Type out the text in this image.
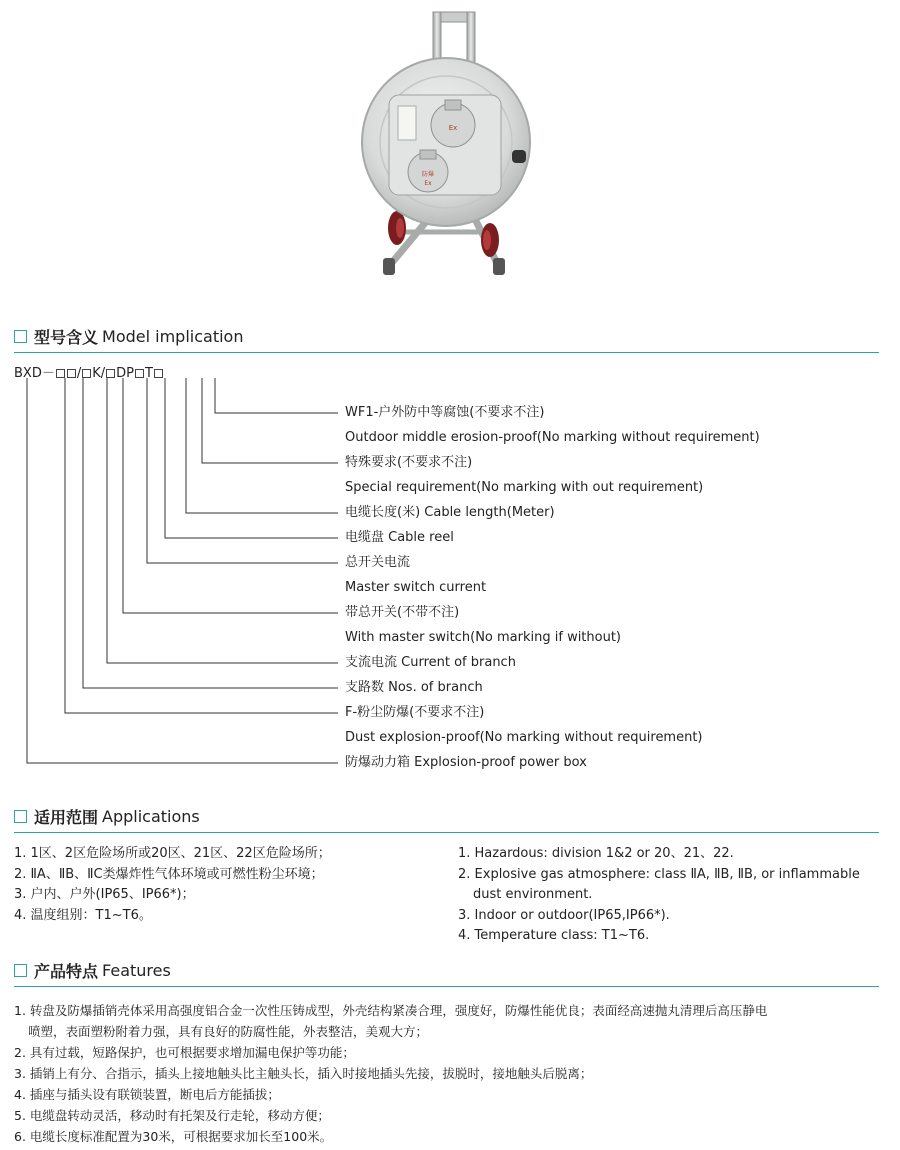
Ex
防爆
Ex
型号含义 Model implication
BXD－ / K/ DP T
WF1-户外防中等腐蚀(不要求不注)
Outdoor middle erosion-proof(No marking without requirement)
特殊要求(不要求不注)
Special requirement(No marking with out requirement)
电缆长度(米) Cable length(Meter)
电缆盘 Cable reel
总开关电流
Master switch current
带总开关(不带不注)
With master switch(No marking if without)
支流电流 Current of branch
支路数 Nos. of branch
F-粉尘防爆(不要求不注)
Dust explosion-proof(No marking without requirement)
防爆动力箱 Explosion-proof power box
适用范围 Applications
1. 1区、2区危险场所或20区、21区、22区危险场所；
2. ⅡA、ⅡB、ⅡC类爆炸性气体环境或可燃性粉尘环境；
3. 户内、户外(IP65、IP66*)；
4. 温度组别：T1~T6。
1. Hazardous: division 1&2 or 20、21、22.
2. Explosive gas atmosphere: class ⅡA, ⅡB, ⅡB, or inflammable
dust environment.
3. Indoor or outdoor(IP65,IP66*).
4. Temperature class: T1~T6.
产品特点 Features
1. 转盘及防爆插销壳体采用高强度铝合金一次性压铸成型，外壳结构紧凑合理，强度好，防爆性能优良；表面经高速抛丸清理后高压静电
喷塑，表面塑粉附着力强，具有良好的防腐性能，外表整洁，美观大方；
2. 具有过载，短路保护，也可根据要求增加漏电保护等功能；
3. 插销上有分、合指示，插头上接地触头比主触头长，插入时接地插头先接，拔脱时，接地触头后脱离；
4. 插座与插头设有联锁装置，断电后方能插拔；
5. 电缆盘转动灵活，移动时有托架及行走轮，移动方便；
6. 电缆长度标准配置为30米，可根据要求加长至100米。
